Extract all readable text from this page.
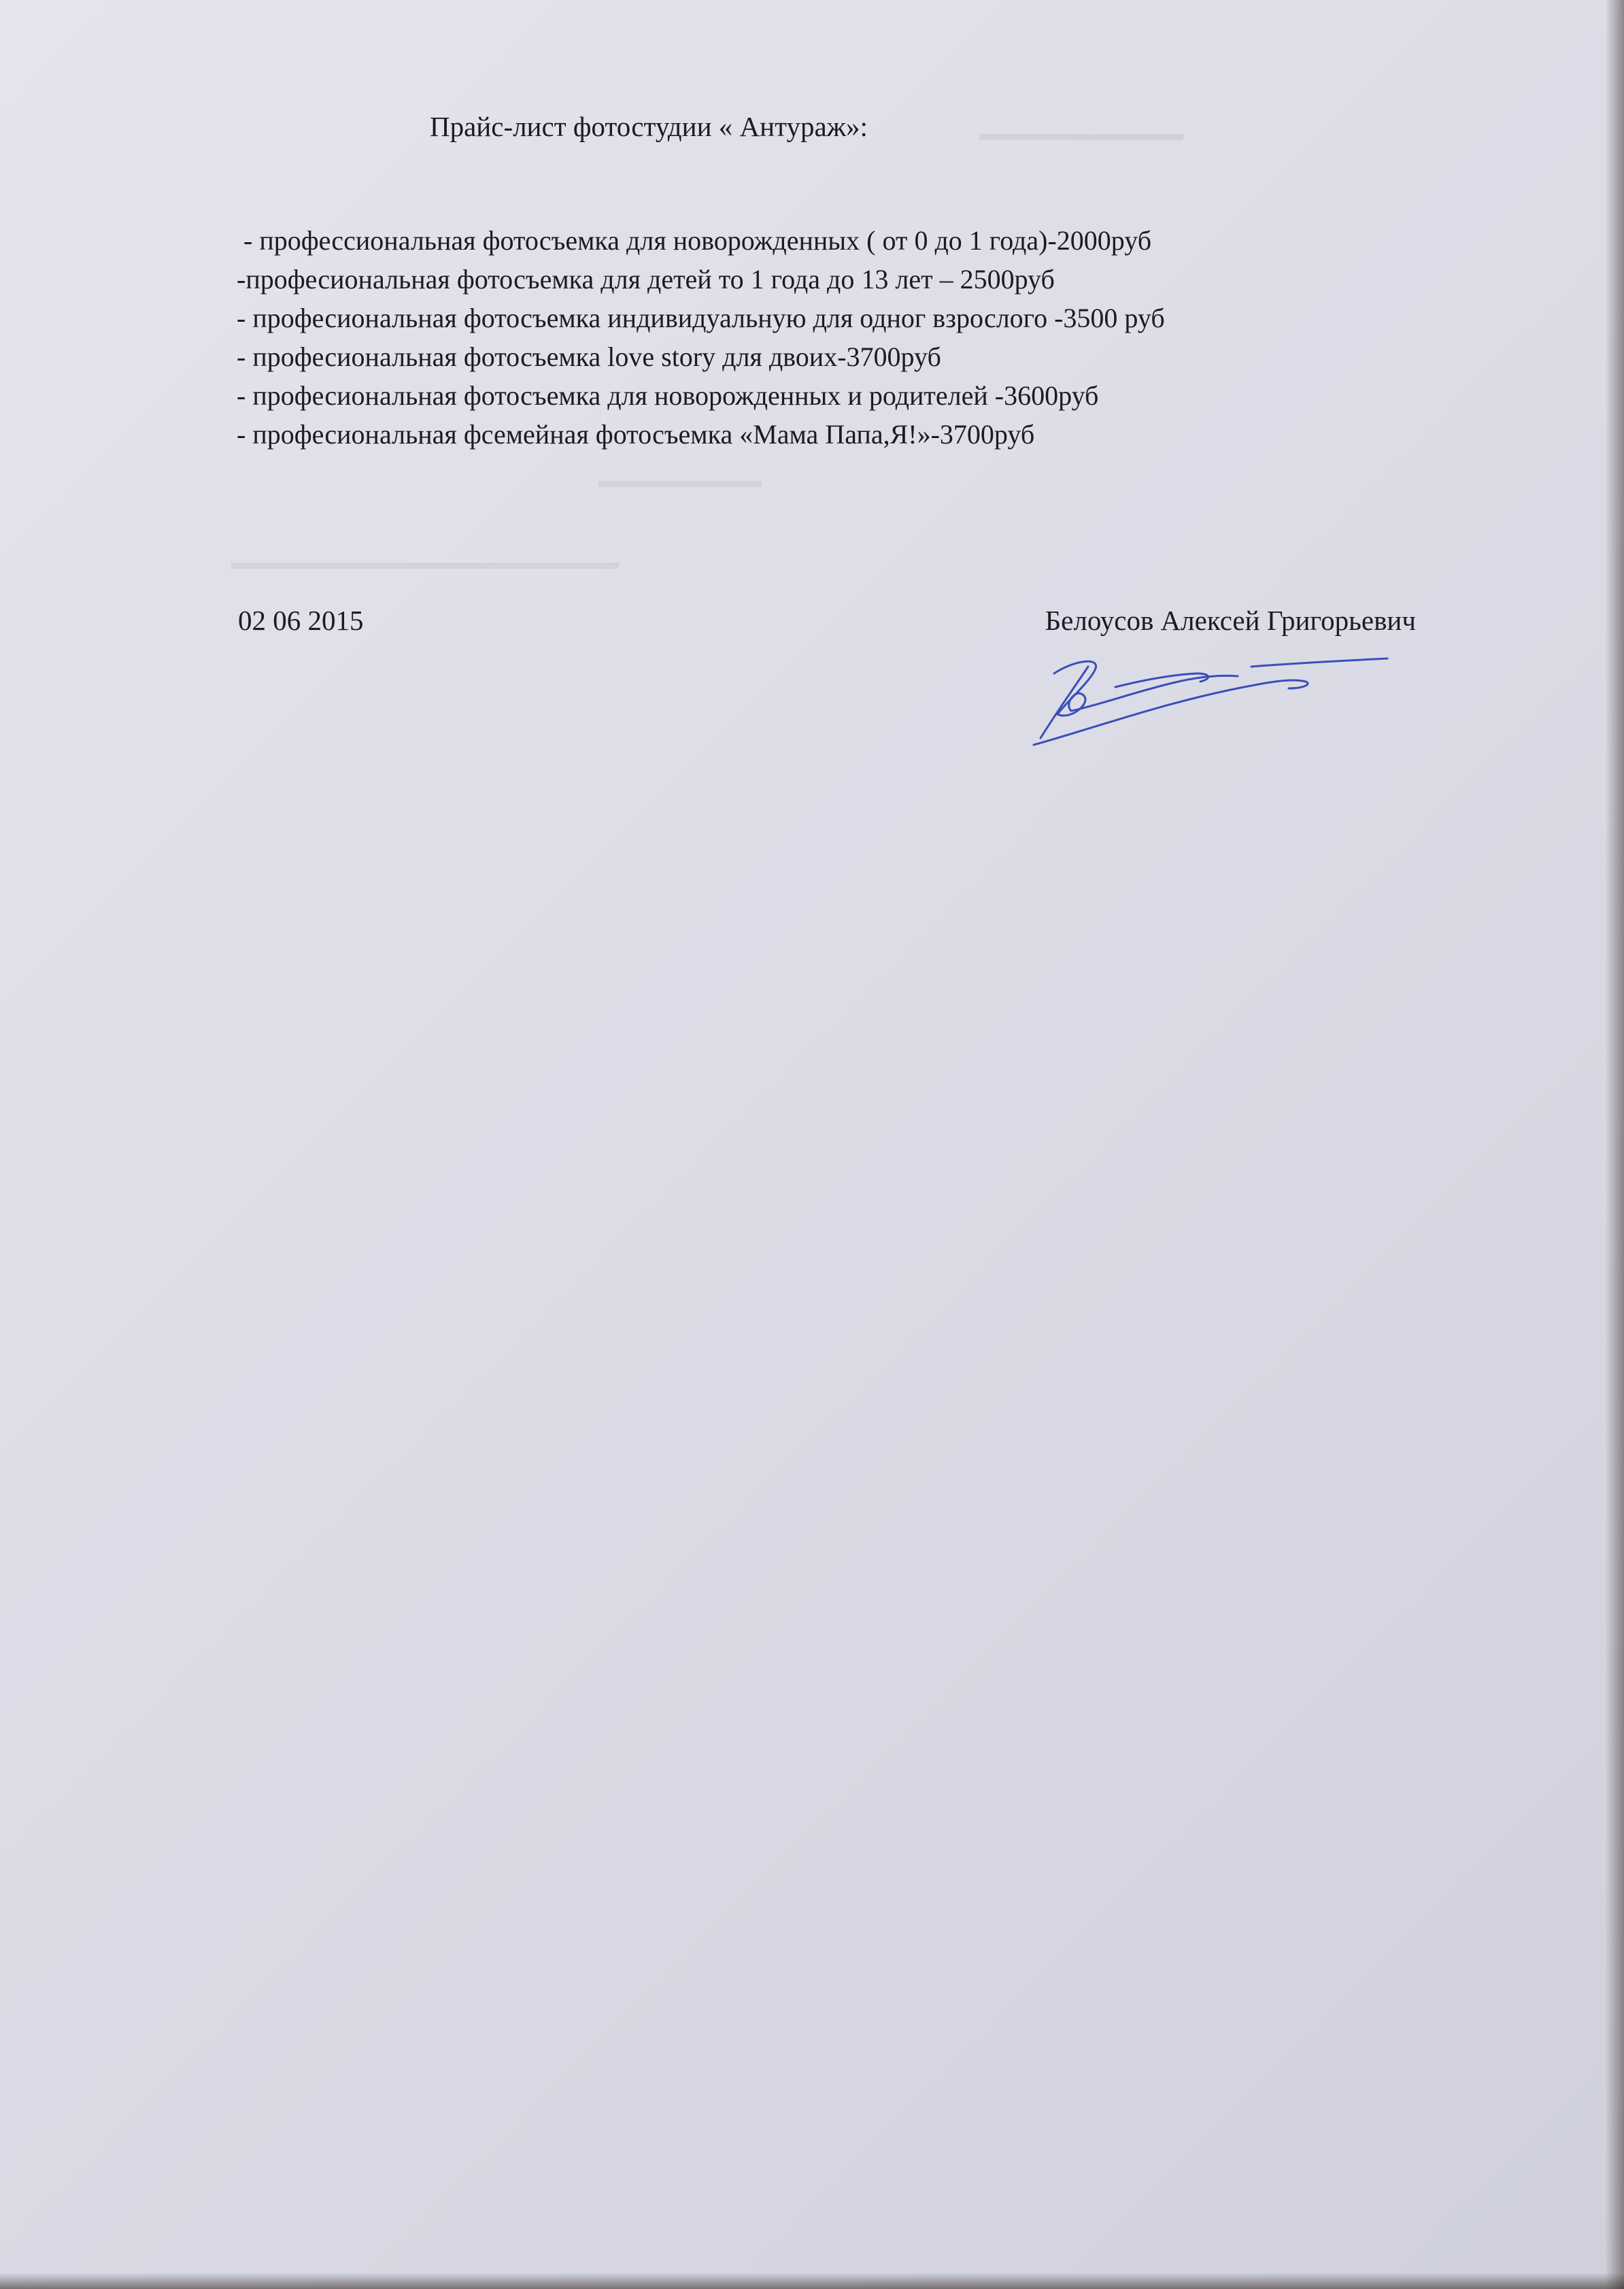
Прайс-лист фотостудии « Антураж»:
- профессиональная фотосъемка для новорожденных ( от 0 до 1 года)-2000руб
-професиональная фотосъемка для детей то 1 года до 13 лет – 2500руб
- професиональная фотосъемка индивидуальную для одног взрослого -3500 руб
- професиональная фотосъемка love story для двоих-3700руб
- професиональная фотосъемка для новорожденных и родителей -3600руб
- професиональная фсемейная фотосъемка «Мама Папа,Я!»-3700руб
02 06 2015	Белоусов Алексей Григорьевич
▬▬▬▬▬▬▬▬▬▬
▬▬▬▬▬▬▬▬
▬▬▬▬▬▬▬▬▬▬▬▬▬▬▬▬▬▬▬
